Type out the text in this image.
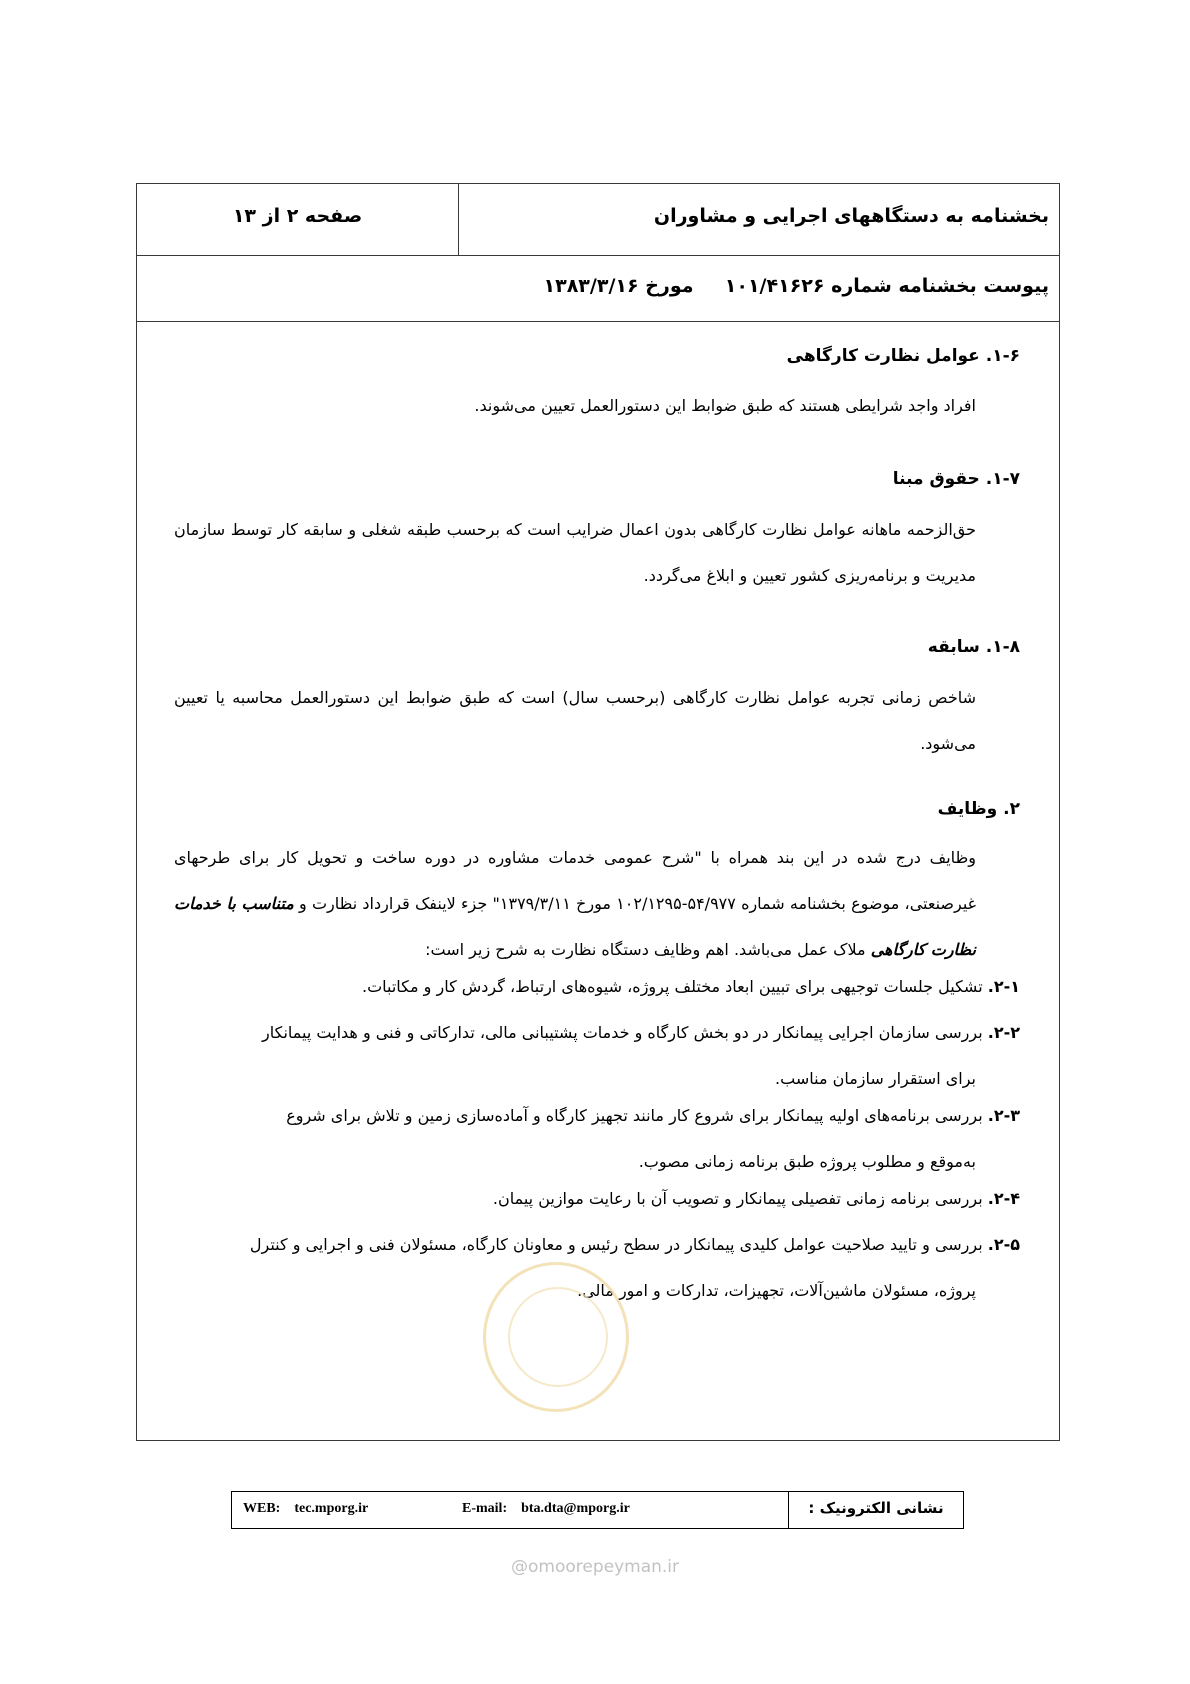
بخشنامه به دستگاههای اجرایی و مشاوران
صفحه ۲ از ۱۳
پیوست بخشنامه شماره ۱۰۱/۴۱۶۲۶  مورخ ۱۳۸۳/۳/۱۶
۱-۶. عوامل نظارت کارگاهی
افراد واجد شرایطی هستند که طبق ضوابط این دستورالعمل تعیین می‌شوند.
۱-۷. حقوق مبنا
حق‌الزحمه ماهانه عوامل نظارت کارگاهی بدون اعمال ضرایب است که برحسب طبقه شغلی و سابقه کار توسط سازمان مدیریت و برنامه‌ریزی کشور تعیین و ابلاغ می‌گردد.
۱-۸. سابقه
شاخص زمانی تجربه عوامل نظارت کارگاهی (برحسب سال) است که طبق ضوابط این دستورالعمل محاسبه یا تعیین می‌شود.
۲. وظایف
وظایف درج شده در این بند همراه با "شرح عمومی خدمات مشاوره در دوره ساخت و تحویل کار برای طرحهای غیرصنعتی، موضوع بخشنامه شماره ۵۴/۹۷۷-۱۰۲/۱۲۹۵ مورخ ۱۳۷۹/۳/۱۱" جزء لاینفک قرارداد نظارت و متناسب با خدمات نظارت کارگاهی ملاک عمل می‌باشد. اهم وظایف دستگاه نظارت به شرح زیر است:
۲-۱. تشکیل جلسات توجیهی برای تبیین ابعاد مختلف پروژه، شیوه‌های ارتباط، گردش کار و مکاتبات.
۲-۲. بررسی سازمان اجرایی پیمانکار در دو بخش کارگاه و خدمات پشتیبانی مالی، تدارکاتی و فنی و هدایت پیمانکار
برای استقرار سازمان مناسب.
۲-۳. بررسی برنامه‌های اولیه پیمانکار برای شروع کار مانند تجهیز کارگاه و آماده‌سازی زمین و تلاش برای شروع
به‌موقع و مطلوب پروژه طبق برنامه زمانی مصوب.
۲-۴. بررسی برنامه زمانی تفصیلی پیمانکار و تصویب آن با رعایت موازین پیمان.
۲-۵. بررسی و تایید صلاحیت عوامل کلیدی پیمانکار در سطح رئیس و معاونان کارگاه، مسئولان فنی و اجرایی و کنترل
پروژه، مسئولان ماشین‌آلات، تجهیزات، تدارکات و امور مالی.
نشانی الکترونیک :
WEB: tec.mporg.ir	E-mail: bta.dta@mporg.ir
@omoorepeyman.ir
